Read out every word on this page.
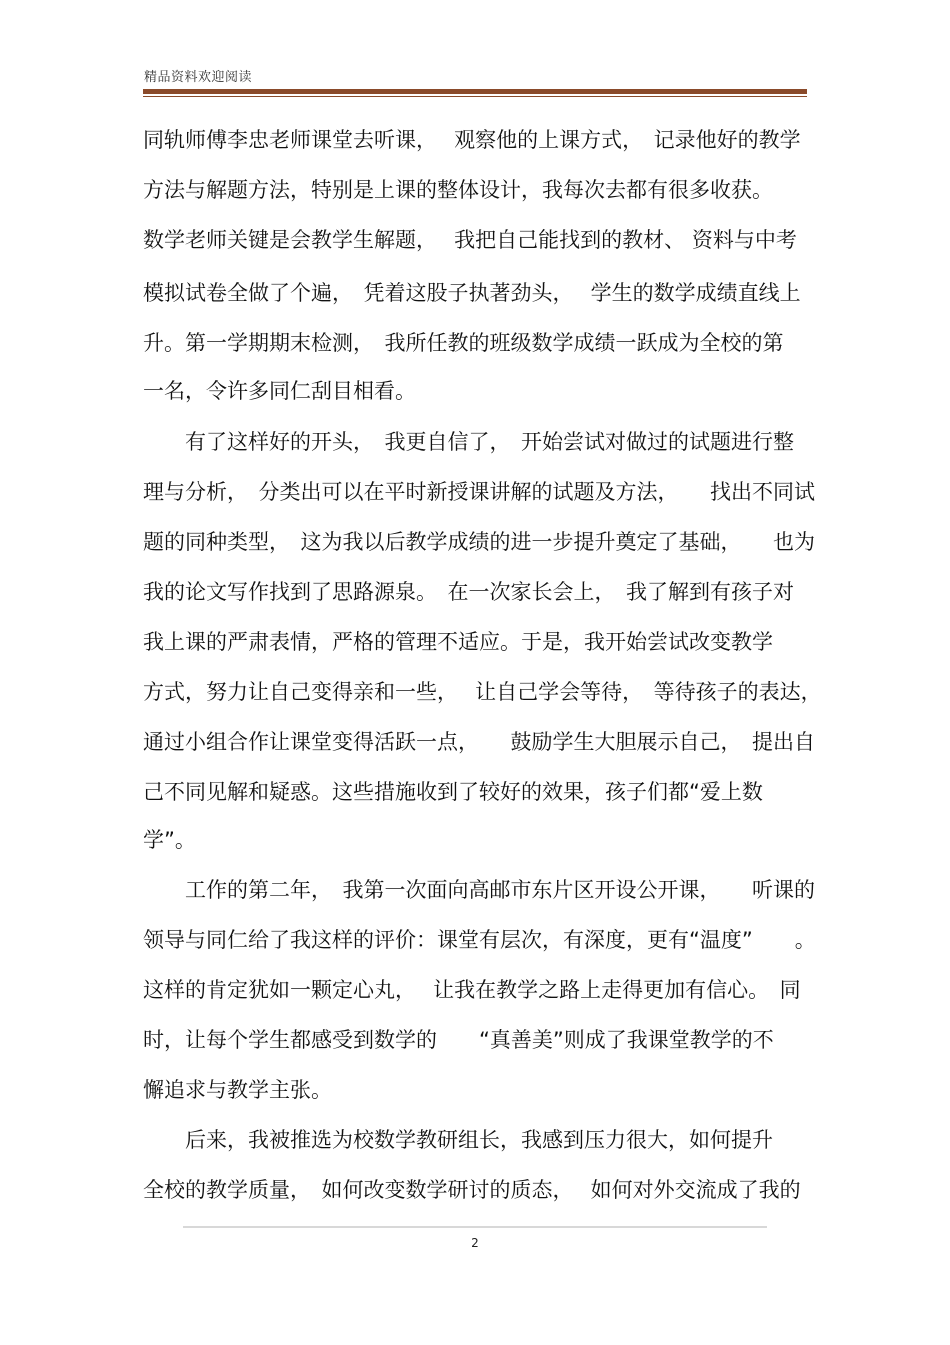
精品资料欢迎阅读
同轨师傅李忠老师课堂去听课，　 观察他的上课方式，　记录他好的教学
方法与解题方法，特别是上课的整体设计，我每次去都有很多收获。
数学老师关键是会教学生解题，　 我把自己能找到的教材、 资料与中考
模拟试卷全做了个遍，　凭着这股子执著劲头，　 学生的数学成绩直线上
升。第一学期期末检测，　我所任教的班级数学成绩一跃成为全校的第
一名，令许多同仁刮目相看。
　　有了这样好的开头，　我更自信了，　开始尝试对做过的试题进行整
理与分析，　分类出可以在平时新授课讲解的试题及方法，　　找出不同试
题的同种类型，　这为我以后教学成绩的进一步提升奠定了基础，　　也为
我的论文写作找到了思路源泉。　在一次家长会上，　我了解到有孩子对
我上课的严肃表情，严格的管理不适应。于是，我开始尝试改变教学
方式，努力让自己变得亲和一些，　 让自己学会等待，　等待孩子的表达，
通过小组合作让课堂变得活跃一点，　　鼓励学生大胆展示自己，　提出自
己不同见解和疑惑。这些措施收到了较好的效果，孩子们都“爱上数
学”。
　　工作的第二年，　我第一次面向高邮市东片区开设公开课，　　听课的
领导与同仁给了我这样的评价：课堂有层次，有深度，更有“温度”　　。
这样的肯定犹如一颗定心丸，　 让我在教学之路上走得更加有信心。　同
时，让每个学生都感受到数学的　　“真善美”则成了我课堂教学的不
懈追求与教学主张。
　　后来，我被推选为校数学教研组长，我感到压力很大，如何提升
全校的教学质量，　如何改变数学研讨的质态，　 如何对外交流成了我的
2
